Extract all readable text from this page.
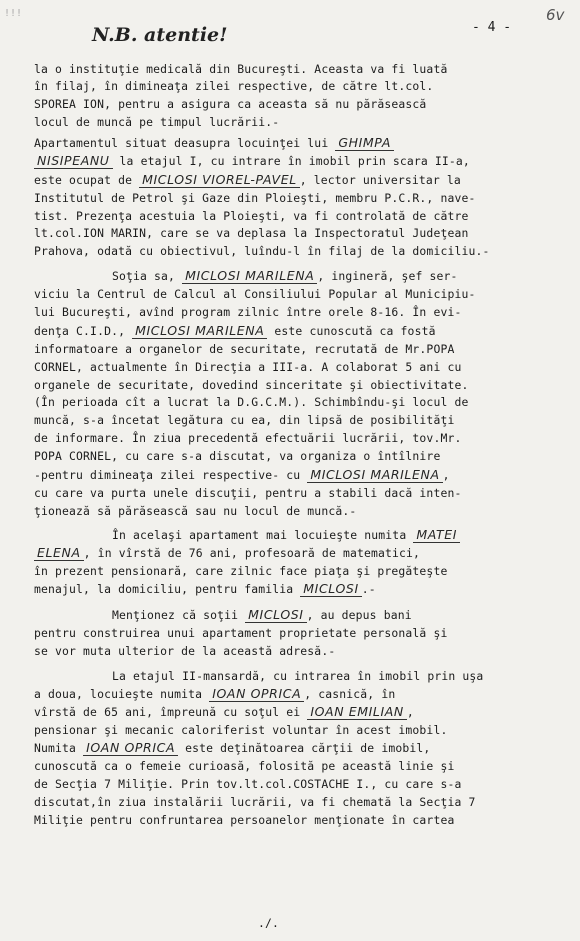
!!!
N.B. atentie!	- 4 -
6v
la o instituţie medicală din Bucureşti. Aceasta va fi luată
în filaj, în dimineaţa zilei respective, de către lt.col.
SPOREA ION, pentru a asigura ca aceasta să nu părăsească
locul de muncă pe timpul lucrării.-
Apartamentul situat deasupra locuinţei lui GHIMPA
NISIPEANU la etajul I, cu intrare în imobil prin scara II-a,
este ocupat de MICLOSI VIOREL-PAVEL , lector universitar la
Institutul de Petrol şi Gaze din Ploieşti, membru P.C.R., nave-
tist. Prezenţa acestuia la Ploieşti, va fi controlată de către
lt.col.ION MARIN, care se va deplasa la Inspectoratul Judeţean
Prahova, odată cu obiectivul, luîndu-l în filaj de la domiciliu.-
Soţia sa, MICLOSI MARILENA , ingineră, şef ser-
viciu la Centrul de Calcul al Consiliului Popular al Municipiu-
lui Bucureşti, avînd program zilnic între orele 8-16. În evi-
denţa C.I.D., MICLOSI MARILENA este cunoscută ca fostă
informatoare a organelor de securitate, recrutată de Mr.POPA
CORNEL, actualmente în Direcţia a III-a. A colaborat 5 ani cu
organele de securitate, dovedind sinceritate şi obiectivitate.
(În perioada cît a lucrat la D.G.C.M.). Schimbîndu-şi locul de
muncă, s-a încetat legătura cu ea, din lipsă de posibilităţi
de informare. În ziua precedentă efectuării lucrării, tov.Mr.
POPA CORNEL, cu care s-a discutat, va organiza o întîlnire
-pentru dimineaţa zilei respective- cu MICLOSI MARILENA ,
cu care va purta unele discuţii, pentru a stabili dacă inten-
ţionează să părăsească sau nu locul de muncă.-
În acelaşi apartament mai locuieşte numita MATEI
ELENA , în vîrstă de 76 ani, profesoară de matematici,
în prezent pensionară, care zilnic face piaţa şi pregăteşte
menajul, la domiciliu, pentru familia MICLOSI .-
Menţionez că soţii MICLOSI , au depus bani
pentru construirea unui apartament proprietate personală şi
se vor muta ulterior de la această adresă.-
La etajul II-mansardă, cu intrarea în imobil prin uşa
a doua, locuieşte numita IOAN OPRICA , casnică, în
vîrstă de 65 ani, împreună cu soţul ei IOAN EMILIAN ,
pensionar şi mecanic caloriferist voluntar în acest imobil.
Numita IOAN OPRICA este deţinătoarea cărţii de imobil,
cunoscută ca o femeie curioasă, folosită pe această linie şi
de Secţia 7 Miliţie. Prin tov.lt.col.COSTACHE I., cu care s-a
discutat,în ziua instalării lucrării, va fi chemată la Secţia 7
Miliţie pentru confruntarea persoanelor menţionate în cartea
./.
